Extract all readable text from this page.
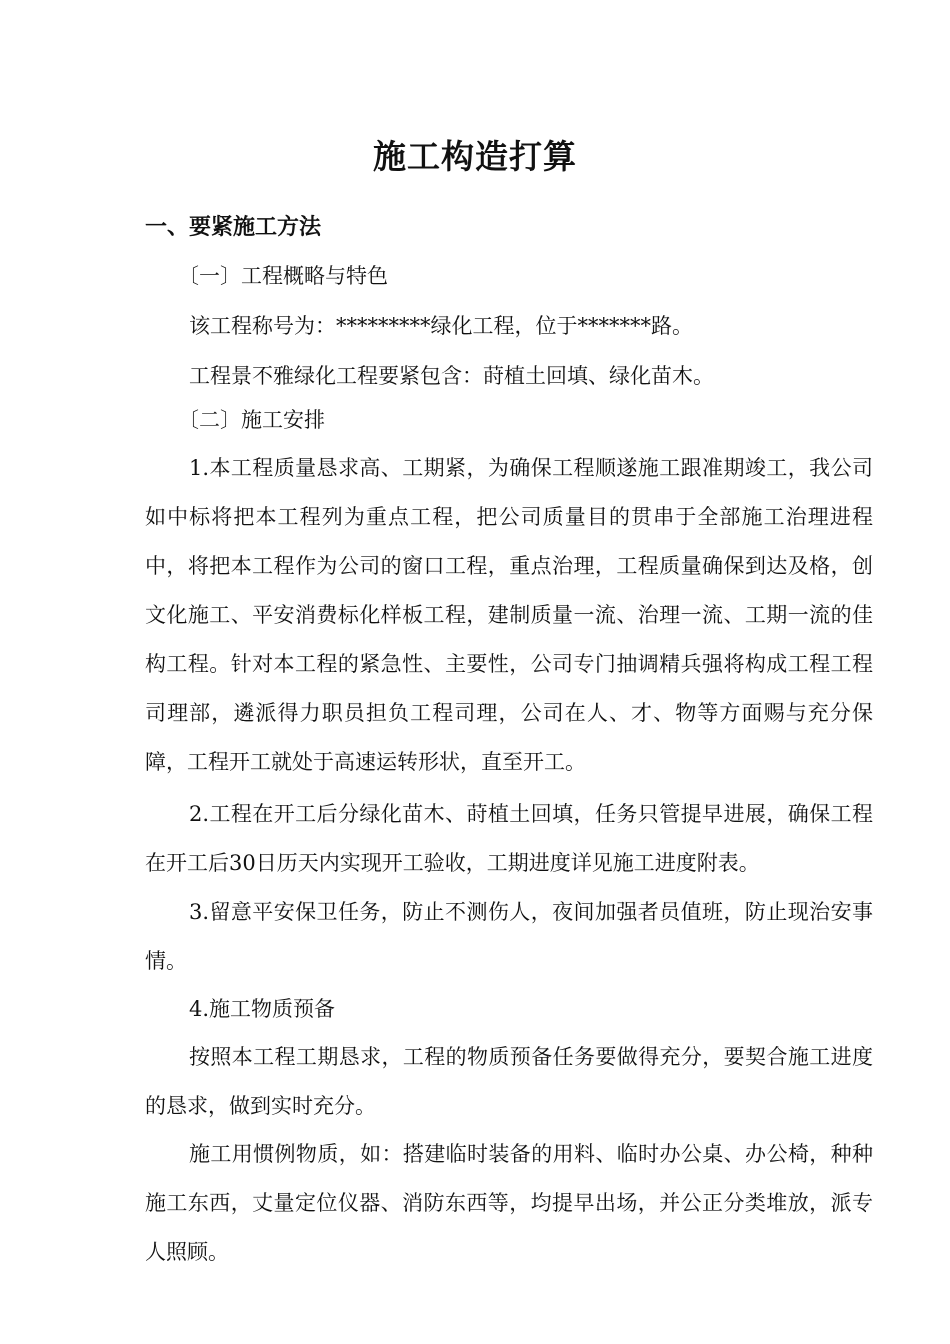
施工构造打算
一、要紧施工方法
〔一〕工程概略与特色

该工程称号为：*********绿化工程，位于*******路。

工程景不雅绿化工程要紧包含：莳植土回填、绿化苗木。

〔二〕施工安排

1.本工程质量恳求高、工期紧，为确保工程顺遂施工跟准期竣工，我公司如中标将把本工程列为重点工程，把公司质量目的贯串于全部施工治理进程中，将把本工程作为公司的窗口工程，重点治理，工程质量确保到达及格，创文化施工、平安消费标化样板工程，建制质量一流、治理一流、工期一流的佳构工程。针对本工程的紧急性、主要性，公司专门抽调精兵强将构成工程工程司理部，遴派得力职员担负工程司理，公司在人、才、物等方面赐与充分保障，工程开工就处于高速运转形状，直至开工。

2.工程在开工后分绿化苗木、莳植土回填，任务只管提早进展，确保工程在开工后30日历天内实现开工验收，工期进度详见施工进度附表。

3.留意平安保卫任务，防止不测伤人，夜间加强者员值班，防止现治安事情。

4.施工物质预备

按照本工程工期恳求，工程的物质预备任务要做得充分，要契合施工进度的恳求，做到实时充分。

施工用惯例物质，如：搭建临时装备的用料、临时办公桌、办公椅，种种施工东西，丈量定位仪器、消防东西等，均提早出场，并公正分类堆放，派专人照顾。
